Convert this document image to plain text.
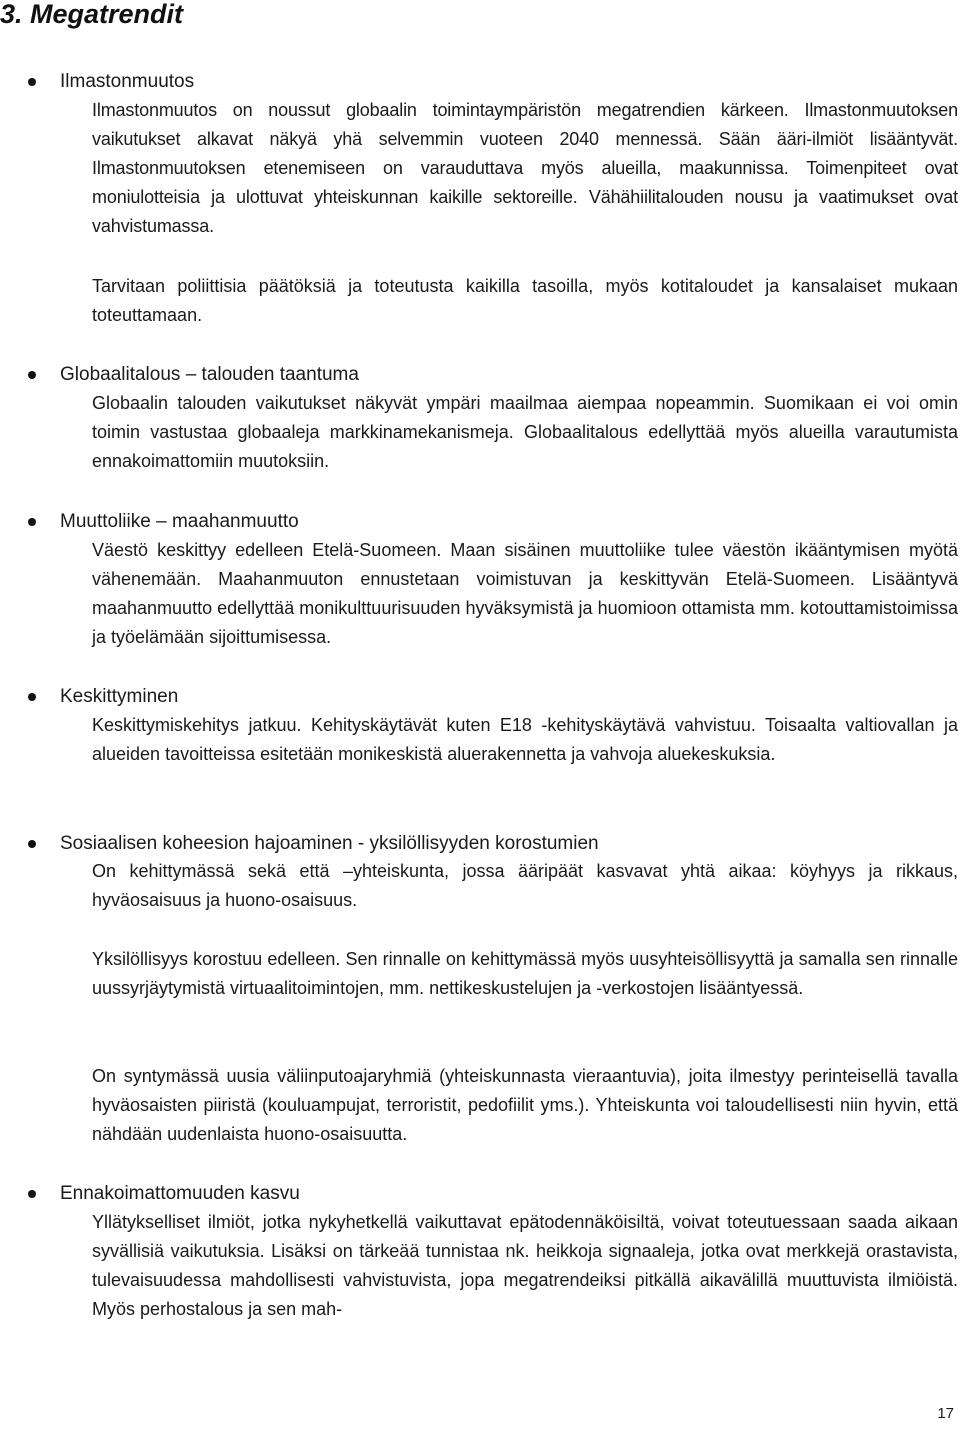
3. Megatrendit
Ilmastonmuutos

Ilmastonmuutos on noussut globaalin toimintaympäristön megatrendien kärkeen. Ilmastonmuutoksen vaikutukset alkavat näkyä yhä selvemmin vuoteen 2040 mennessä. Sään ääri-ilmiöt lisääntyvät. Ilmastonmuutoksen etenemiseen on varauduttava myös alueilla, maakunnissa. Toimenpiteet ovat moniulotteisia ja ulottuvat yhteiskunnan kaikille sektoreille. Vähähiilitalouden nousu ja vaatimukset ovat vahvistumassa.

Tarvitaan poliittisia päätöksiä ja toteutusta kaikilla tasoilla, myös kotitaloudet ja kansalaiset mukaan toteuttamaan.

Globaalitalous – talouden taantuma

Globaalin talouden vaikutukset näkyvät ympäri maailmaa aiempaa nopeammin. Suomikaan ei voi omin toimin vastustaa globaaleja markkinamekanismeja. Globaalitalous edellyttää myös alueilla varautumista ennakoimattomiin muutoksiin.

Muuttoliike – maahanmuutto

Väestö keskittyy edelleen Etelä-Suomeen. Maan sisäinen muuttoliike tulee väestön ikääntymisen myötä vähenemään. Maahanmuuton ennustetaan voimistuvan ja keskittyvän Etelä-Suomeen. Lisääntyvä maahanmuutto edellyttää monikulttuurisuuden hyväksymistä ja huomioon ottamista mm. kotouttamistoimissa ja työelämään sijoittumisessa.

Keskittyminen

Keskittymiskehitys jatkuu. Kehityskäytävät kuten E18 -kehityskäytävä vahvistuu. Toisaalta valtiovallan ja alueiden tavoitteissa esitetään monikeskistä aluerakennetta ja vahvoja aluekeskuksia.

Sosiaalisen koheesion hajoaminen - yksilöllisyyden korostumien

On kehittymässä sekä että –yhteiskunta, jossa ääripäät kasvavat yhtä aikaa: köyhyys ja rikkaus, hyväosaisuus ja huono-osaisuus.

Yksilöllisyys korostuu edelleen. Sen rinnalle on kehittymässä myös uusyhteisöllisyyttä ja samalla sen rinnalle uussyrjäytymistä virtuaalitoimintojen, mm. nettikeskustelujen ja -verkostojen lisääntyessä.

On syntymässä uusia väliinputoajaryhmiä (yhteiskunnasta vieraantuvia), joita ilmestyy perinteisellä tavalla hyväosaisten piiristä (kouluampujat, terroristit, pedofiilit yms.). Yhteiskunta voi taloudellisesti niin hyvin, että nähdään uudenlaista huono-osaisuutta.

Ennakoimattomuuden kasvu

Yllätykselliset ilmiöt, jotka nykyhetkellä vaikuttavat epätodennäköisiltä, voivat toteutuessaan saada aikaan syvällisiä vaikutuksia. Lisäksi on tärkeää tunnistaa nk. heikkoja signaaleja, jotka ovat merkkejä orastavista, tulevaisuudessa mahdollisesti vahvistuvista, jopa megatrendeiksi pitkällä aikavälillä muuttuvista ilmiöistä. Myös perhostalous ja sen mah-

17
